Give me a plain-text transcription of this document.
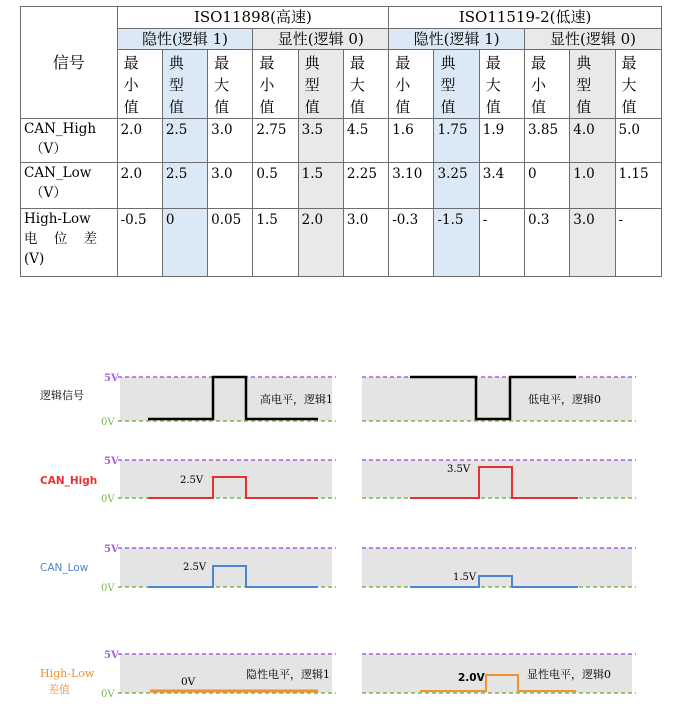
信号	ISO11898(高速)						ISO11519-2(低速)					
	隐性(逻辑 1)			显性(逻辑 0)			隐性(逻辑 1)			显性(逻辑 0)		

	最
小
值	典
型
值	最
大
值	最
小
值	典
型
值	最
大
值	最
小
值	典
型
值	最
大
值	最
小
值	典
型
值	最
大
值

CAN_High
（V）	2.0	2.5	3.0	2.75	3.5	4.5	1.6	1.75	1.9	3.85	4.0	5.0

CAN_Low
（V）	2.0	2.5	3.0	0.5	1.5	2.25	3.10	3.25	3.4	0	1.0	1.15

High-Low
电 位 差
(V)	-0.5	0	0.05	1.5	2.0	3.0	-0.3	-1.5	-	0.3	3.0	-
5V
0V
5V
0V
5V
0V
5V
0V
逻辑信号
CAN_High
CAN_Low
High-Low
差值
高电平，逻辑1	低电平，逻辑0
2.5V
3.5V
2.5V
1.5V
0V
隐性电平，逻辑1	2.0V	显性电平，逻辑0
